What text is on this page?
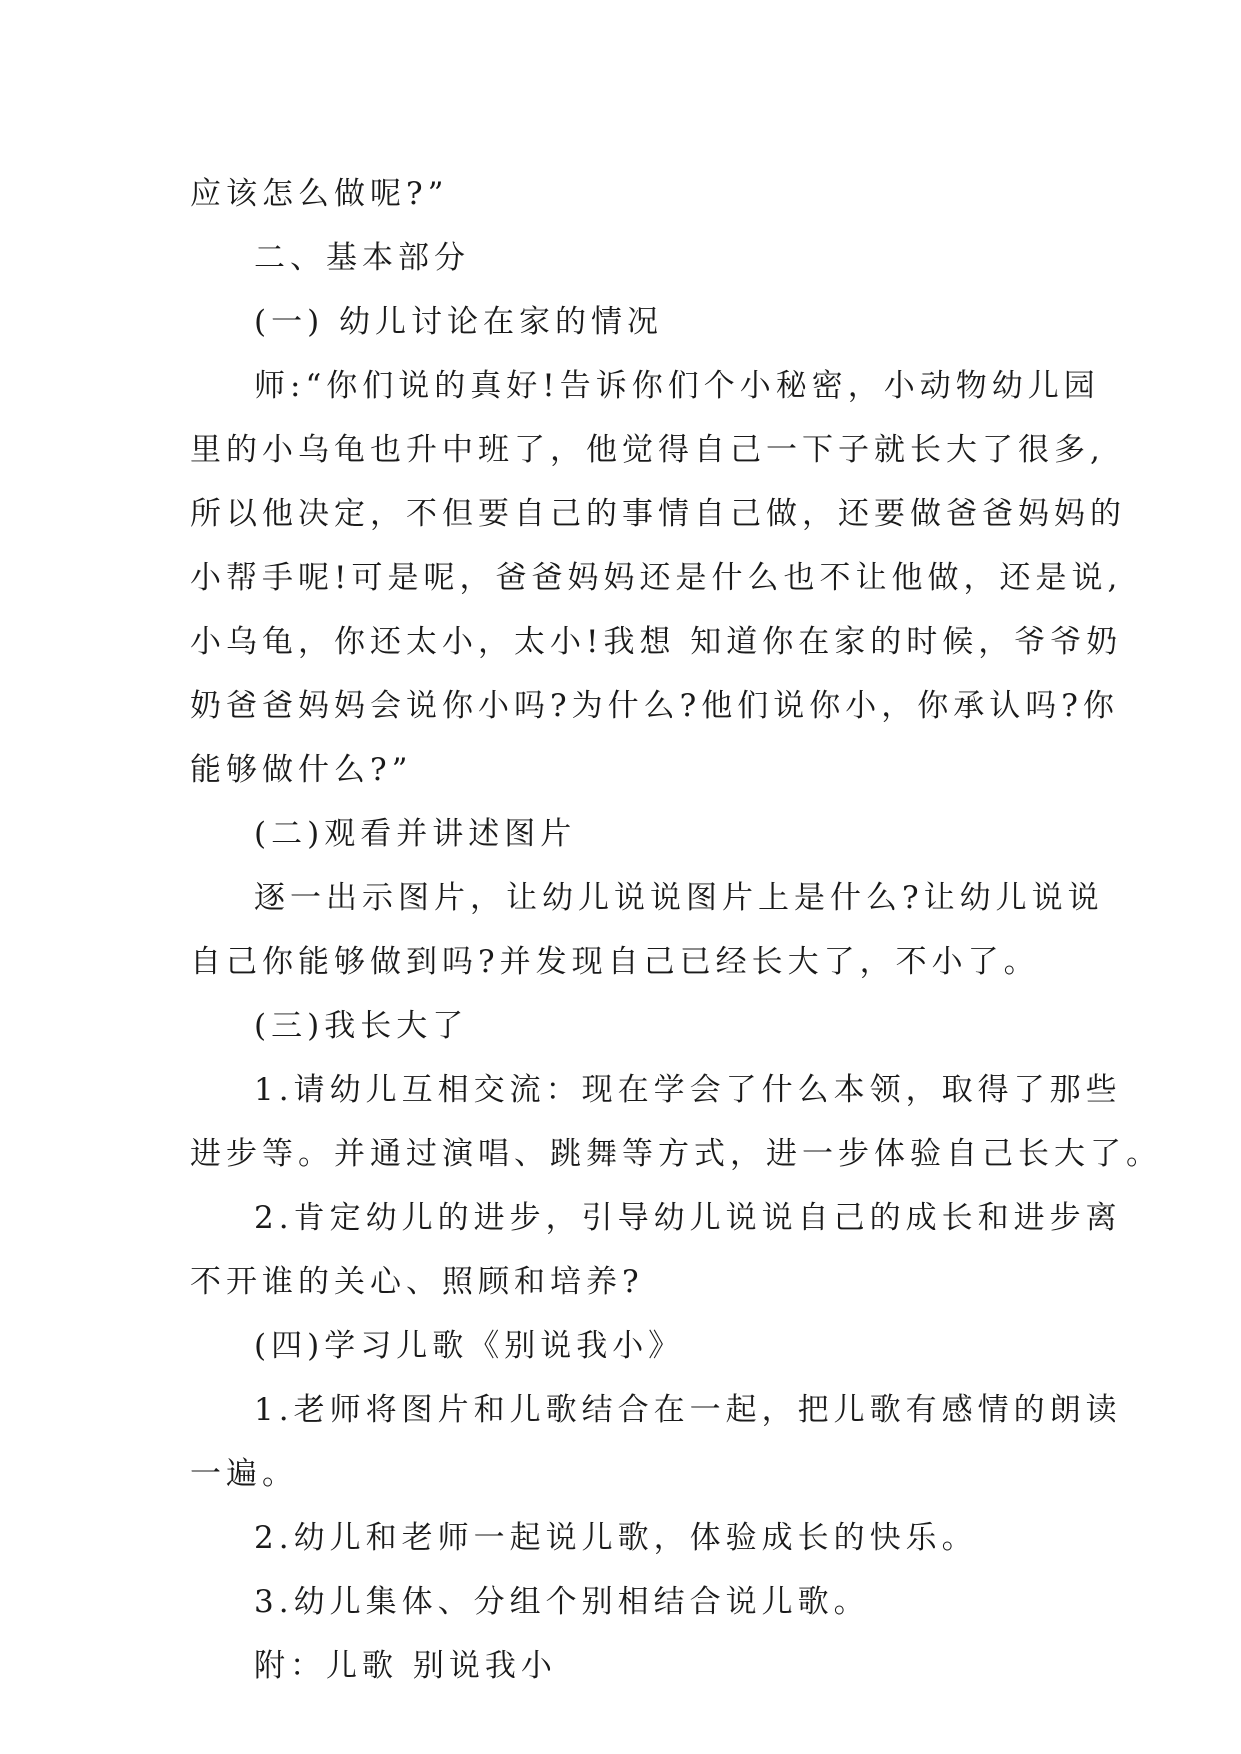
应该怎么做呢?”
二、基本部分
(一) 幼儿讨论在家的情况
师:“你们说的真好!告诉你们个小秘密，小动物幼儿园
里的小乌龟也升中班了，他觉得自己一下子就长大了很多,
所以他决定，不但要自己的事情自己做，还要做爸爸妈妈的
小帮手呢!可是呢，爸爸妈妈还是什么也不让他做，还是说,
小乌龟，你还太小，太小!我想 知道你在家的时候，爷爷奶
奶爸爸妈妈会说你小吗?为什么?他们说你小，你承认吗?你
能够做什么?”
(二)观看并讲述图片
逐一出示图片，让幼儿说说图片上是什么?让幼儿说说
自己你能够做到吗?并发现自己已经长大了，不小了。
(三)我长大了
1.请幼儿互相交流：现在学会了什么本领，取得了那些
进步等。并通过演唱、跳舞等方式，进一步体验自己长大了。
2.肯定幼儿的进步，引导幼儿说说自己的成长和进步离
不开谁的关心、照顾和培养?
(四)学习儿歌《别说我小》
1.老师将图片和儿歌结合在一起，把儿歌有感情的朗读
一遍。
2.幼儿和老师一起说儿歌，体验成长的快乐。
3.幼儿集体、分组个别相结合说儿歌。
附：儿歌 别说我小
